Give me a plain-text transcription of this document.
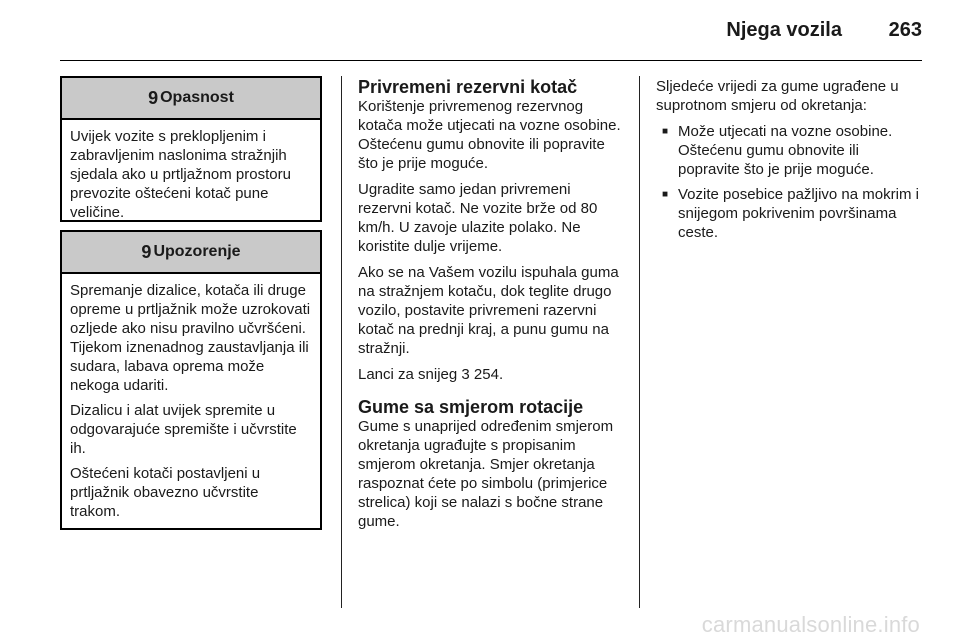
Njega vozila 263
9 Opasnost

Uvijek vozite s preklopljenim i zabravljenim naslonima stražnjih sjedala ako u prtljažnom prostoru prevozite oštećeni kotač pune veličine.

9 Upozorenje

Spremanje dizalice, kotača ili druge opreme u prtljažnik može uzrokovati ozljede ako nisu pravilno učvršćeni. Tijekom iznenadnog zaustavljanja ili sudara, labava oprema može nekoga udariti.

Dizalicu i alat uvijek spremite u odgovarajuće spremište i učvrstite ih.

Oštećeni kotači postavljeni u prtljažnik obavezno učvrstite trakom.

Privremeni rezervni kotač

Korištenje privremenog rezervnog kotača može utjecati na vozne osobine. Oštećenu gumu obnovite ili popravite što je prije moguće.

Ugradite samo jedan privremeni rezervni kotač. Ne vozite brže od 80 km/h. U zavoje ulazite polako. Ne koristite dulje vrijeme.

Ako se na Vašem vozilu ispuhala guma na stražnjem kotaču, dok teglite drugo vozilo, postavite privremeni razervni kotač na prednji kraj, a punu gumu na stražnji.

Lanci za snijeg 3 254.

Gume sa smjerom rotacije

Gume s unaprijed određenim smjerom okretanja ugrađujte s propisanim smjerom okretanja. Smjer okretanja raspoznat ćete po simbolu (primjerice strelica) koji se nalazi s bočne strane gume.

Sljedeće vrijedi za gume ugrađene u suprotnom smjeru od okretanja:

■ Može utjecati na vozne osobine. Oštećenu gumu obnovite ili popravite što je prije moguće.
■ Vozite posebice pažljivo na mokrim i snijegom pokrivenim površinama ceste.
carmanualsonline.info
